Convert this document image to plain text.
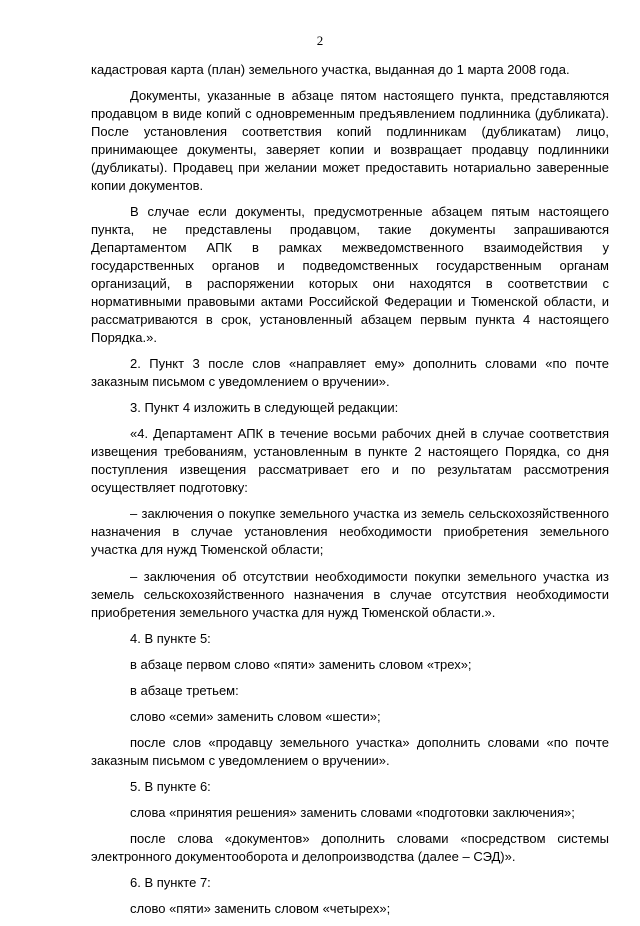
2

кадастровая карта (план) земельного участка, выданная до 1 марта 2008 года.

Документы, указанные в абзаце пятом настоящего пункта, представляются продавцом в виде копий с одновременным предъявлением подлинника (дубликата). После установления соответствия копий подлинникам (дубликатам) лицо, принимающее документы, заверяет копии и возвращает продавцу подлинники (дубликаты). Продавец при желании может предоставить нотариально заверенные копии документов.

В случае если документы, предусмотренные абзацем пятым настоящего пункта, не представлены продавцом, такие документы запрашиваются Департаментом АПК в рамках межведомственного взаимодействия у государственных органов и подведомственных государственным органам организаций, в распоряжении которых они находятся в соответствии с нормативными правовыми актами Российской Федерации и Тюменской области, и рассматриваются в срок, установленный абзацем первым пункта 4 настоящего Порядка.».

2. Пункт 3 после слов «направляет ему» дополнить словами «по почте заказным письмом с уведомлением о вручении».

3. Пункт 4 изложить в следующей редакции:

«4. Департамент АПК в течение восьми рабочих дней в случае соответствия извещения требованиям, установленным в пункте 2 настоящего Порядка, со дня поступления извещения рассматривает его и по результатам рассмотрения осуществляет подготовку:

– заключения о покупке земельного участка из земель сельскохозяйственного назначения в случае установления необходимости приобретения земельного участка для нужд Тюменской области;

– заключения об отсутствии необходимости покупки земельного участка из земель сельскохозяйственного назначения в случае отсутствия необходимости приобретения земельного участка для нужд Тюменской области.».

4. В пункте 5:

в абзаце первом слово «пяти» заменить словом «трех»;

в абзаце третьем:

слово «семи» заменить словом «шести»;

после слов «продавцу земельного участка» дополнить словами «по почте заказным письмом с уведомлением о вручении».

5. В пункте 6:

слова «принятия решения» заменить словами «подготовки заключения»;

после слова «документов» дополнить словами «посредством системы электронного документооборота и делопроизводства (далее – СЭД)».

6. В пункте 7:

слово «пяти» заменить словом «четырех»;
